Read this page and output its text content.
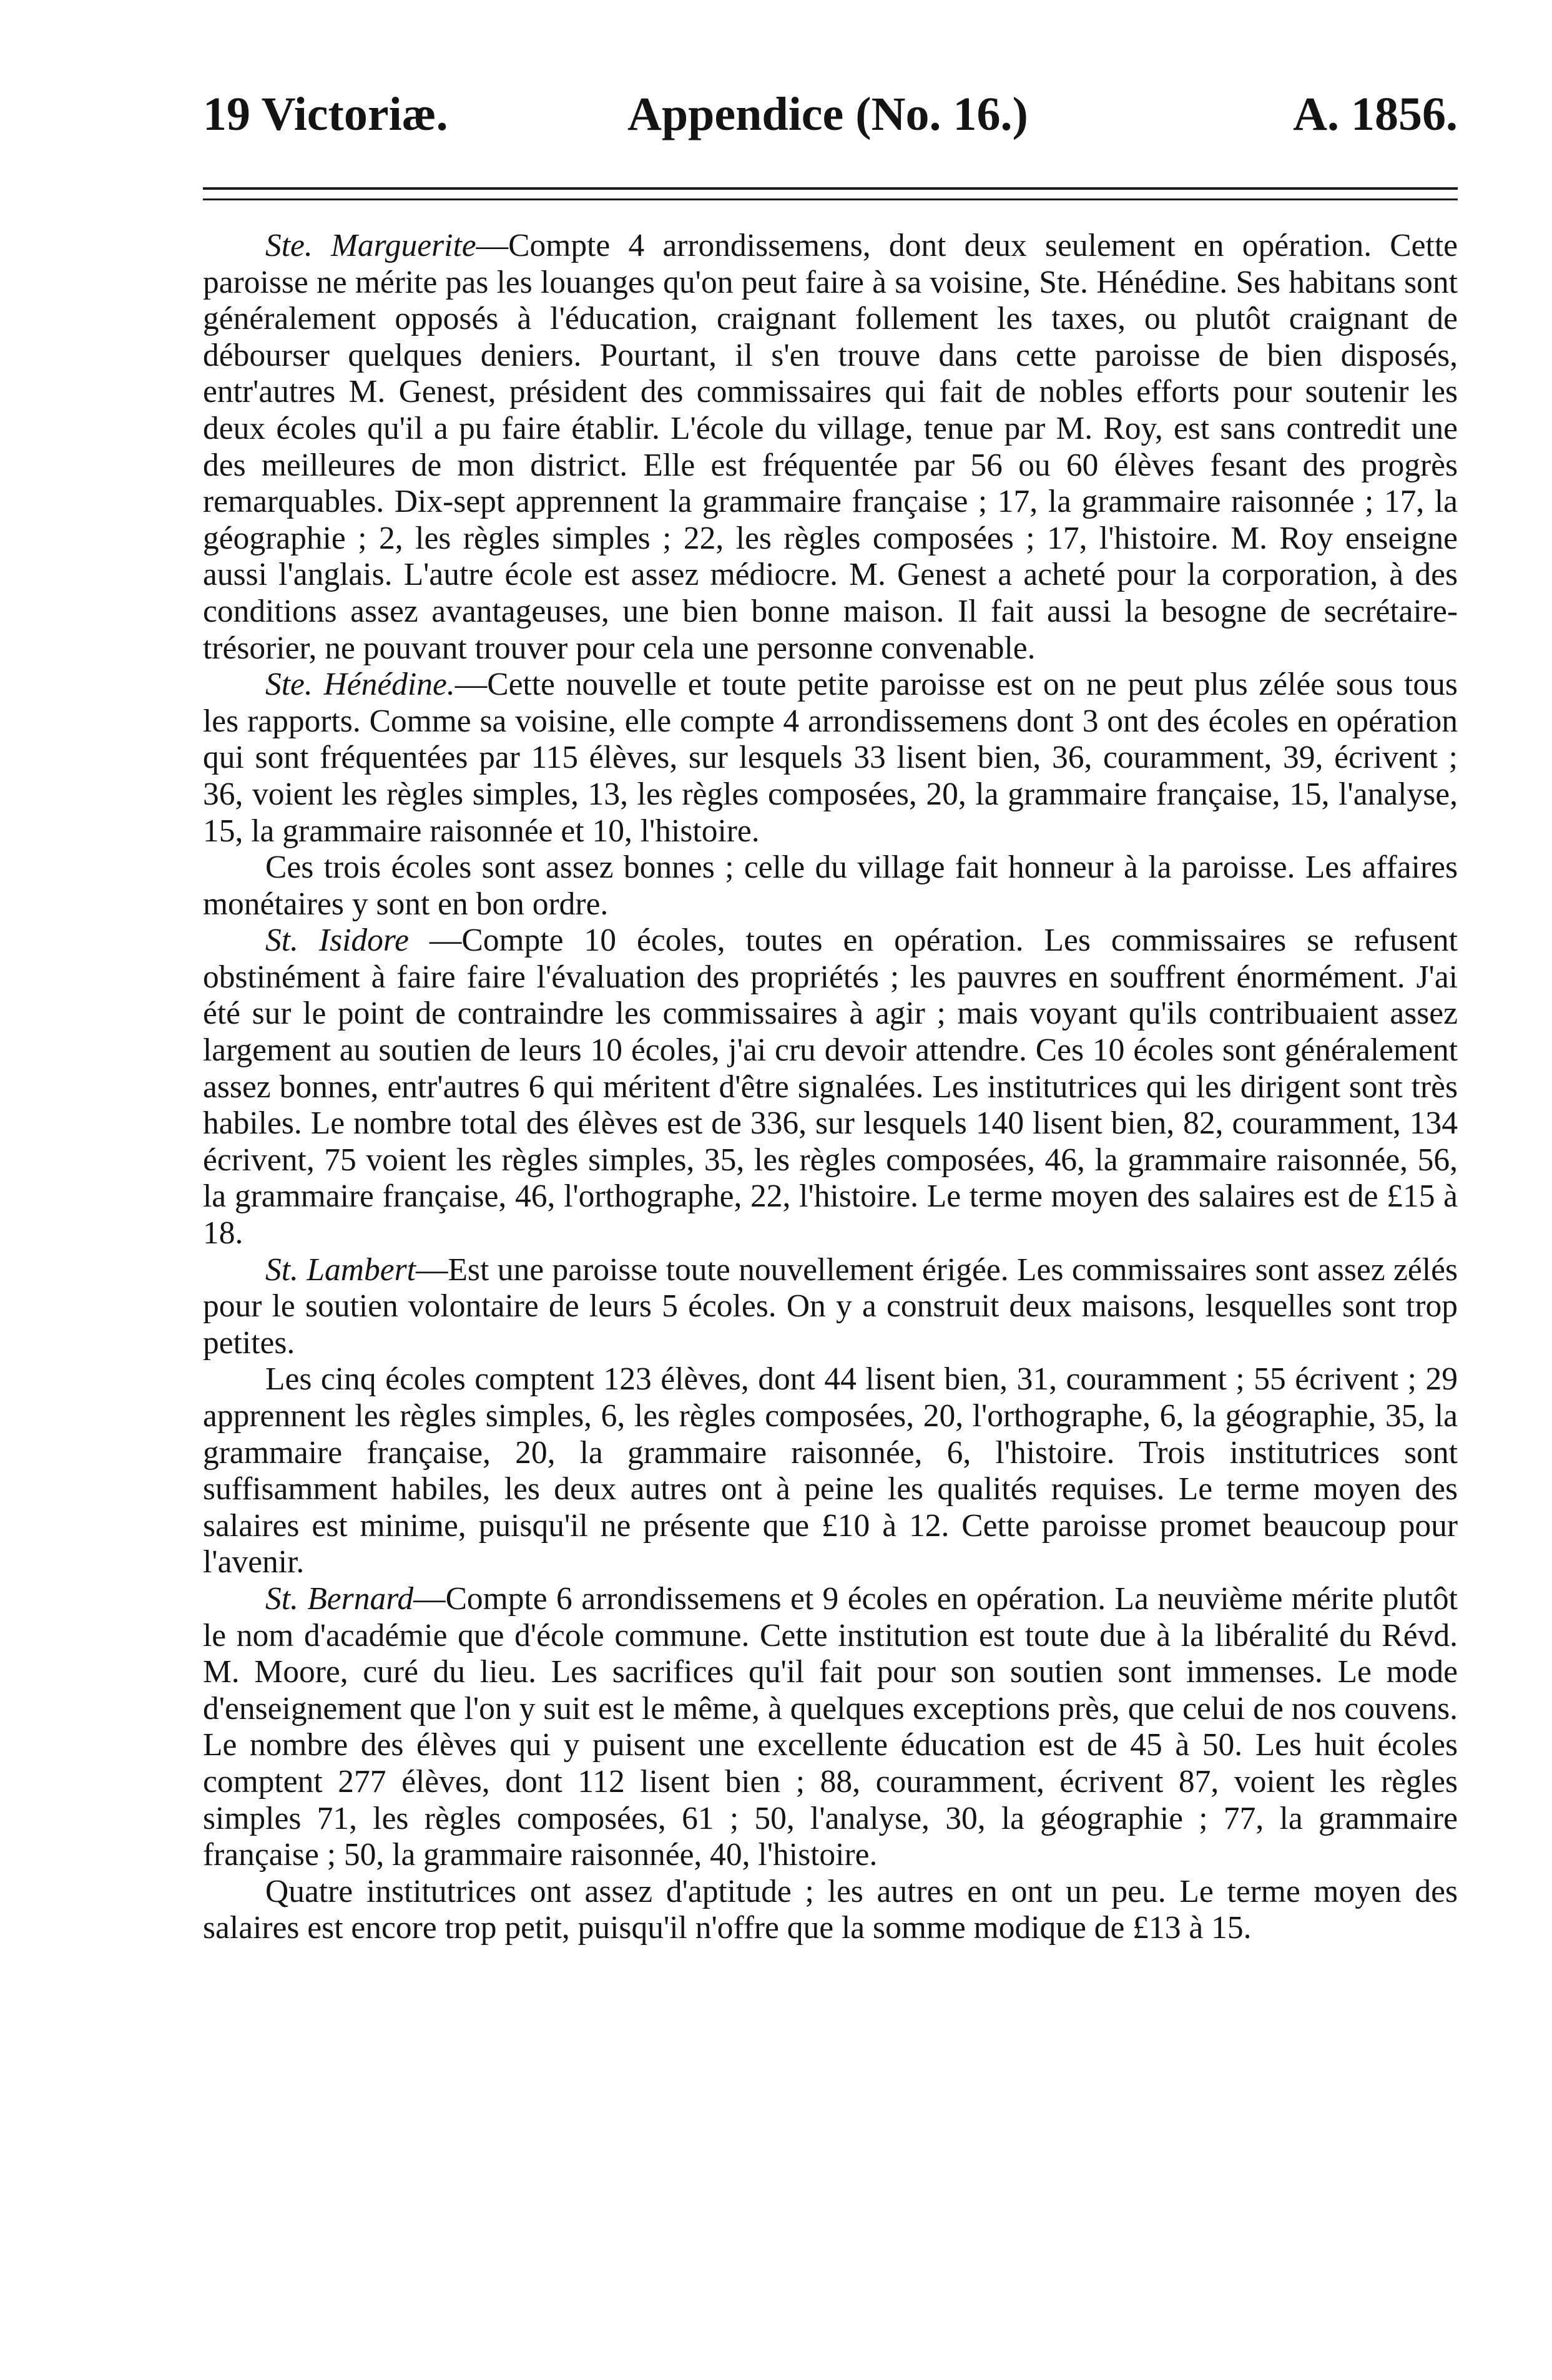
19 Victoriæ.	Appendice (No. 16.)	A. 1856.

Ste. Marguerite—Compte 4 arrondissemens, dont deux seulement en opération. Cette paroisse ne mérite pas les louanges qu'on peut faire à sa voisine, Ste. Hénédine. Ses habitans sont généralement opposés à l'éducation, craignant follement les taxes, ou plutôt craignant de débourser quelques deniers. Pourtant, il s'en trouve dans cette paroisse de bien disposés, entr'autres M. Genest, président des commissaires qui fait de nobles efforts pour soutenir les deux écoles qu'il a pu faire établir. L'école du village, tenue par M. Roy, est sans contredit une des meilleures de mon district. Elle est fréquentée par 56 ou 60 élèves fesant des progrès remarquables. Dix-sept apprennent la grammaire française ; 17, la grammaire raisonnée ; 17, la géographie ; 2, les règles simples ; 22, les règles composées ; 17, l'histoire. M. Roy enseigne aussi l'anglais. L'autre école est assez médiocre. M. Genest a acheté pour la corporation, à des conditions assez avantageuses, une bien bonne maison. Il fait aussi la besogne de secrétaire-trésorier, ne pouvant trouver pour cela une personne convenable.

Ste. Hénédine.—Cette nouvelle et toute petite paroisse est on ne peut plus zélée sous tous les rapports. Comme sa voisine, elle compte 4 arrondissemens dont 3 ont des écoles en opération qui sont fréquentées par 115 élèves, sur lesquels 33 lisent bien, 36, couramment, 39, écrivent ; 36, voient les règles simples, 13, les règles composées, 20, la grammaire française, 15, l'analyse, 15, la grammaire raisonnée et 10, l'histoire.

Ces trois écoles sont assez bonnes ; celle du village fait honneur à la paroisse. Les affaires monétaires y sont en bon ordre.

St. Isidore —Compte 10 écoles, toutes en opération. Les commissaires se refusent obstinément à faire faire l'évaluation des propriétés ; les pauvres en souffrent énormément. J'ai été sur le point de contraindre les commissaires à agir ; mais voyant qu'ils contribuaient assez largement au soutien de leurs 10 écoles, j'ai cru devoir attendre. Ces 10 écoles sont généralement assez bonnes, entr'autres 6 qui méritent d'être signalées. Les institutrices qui les dirigent sont très habiles. Le nombre total des élèves est de 336, sur lesquels 140 lisent bien, 82, couramment, 134 écrivent, 75 voient les règles simples, 35, les règles composées, 46, la grammaire raisonnée, 56, la grammaire française, 46, l'orthographe, 22, l'histoire. Le terme moyen des salaires est de £15 à 18.

St. Lambert—Est une paroisse toute nouvellement érigée. Les commissaires sont assez zélés pour le soutien volontaire de leurs 5 écoles. On y a construit deux maisons, lesquelles sont trop petites.

Les cinq écoles comptent 123 élèves, dont 44 lisent bien, 31, couramment ; 55 écrivent ; 29 apprennent les règles simples, 6, les règles composées, 20, l'orthographe, 6, la géographie, 35, la grammaire française, 20, la grammaire raisonnée, 6, l'histoire. Trois institutrices sont suffisamment habiles, les deux autres ont à peine les qualités requises. Le terme moyen des salaires est minime, puisqu'il ne présente que £10 à 12. Cette paroisse promet beaucoup pour l'avenir.

St. Bernard—Compte 6 arrondissemens et 9 écoles en opération. La neuvième mérite plutôt le nom d'académie que d'école commune. Cette institution est toute due à la libéralité du Révd. M. Moore, curé du lieu. Les sacrifices qu'il fait pour son soutien sont immenses. Le mode d'enseignement que l'on y suit est le même, à quelques exceptions près, que celui de nos couvens. Le nombre des élèves qui y puisent une excellente éducation est de 45 à 50. Les huit écoles comptent 277 élèves, dont 112 lisent bien ; 88, couramment, écrivent 87, voient les règles simples 71, les règles composées, 61 ; 50, l'analyse, 30, la géographie ; 77, la grammaire française ; 50, la grammaire raisonnée, 40, l'histoire.

Quatre institutrices ont assez d'aptitude ; les autres en ont un peu. Le terme moyen des salaires est encore trop petit, puisqu'il n'offre que la somme modique de £13 à 15.
